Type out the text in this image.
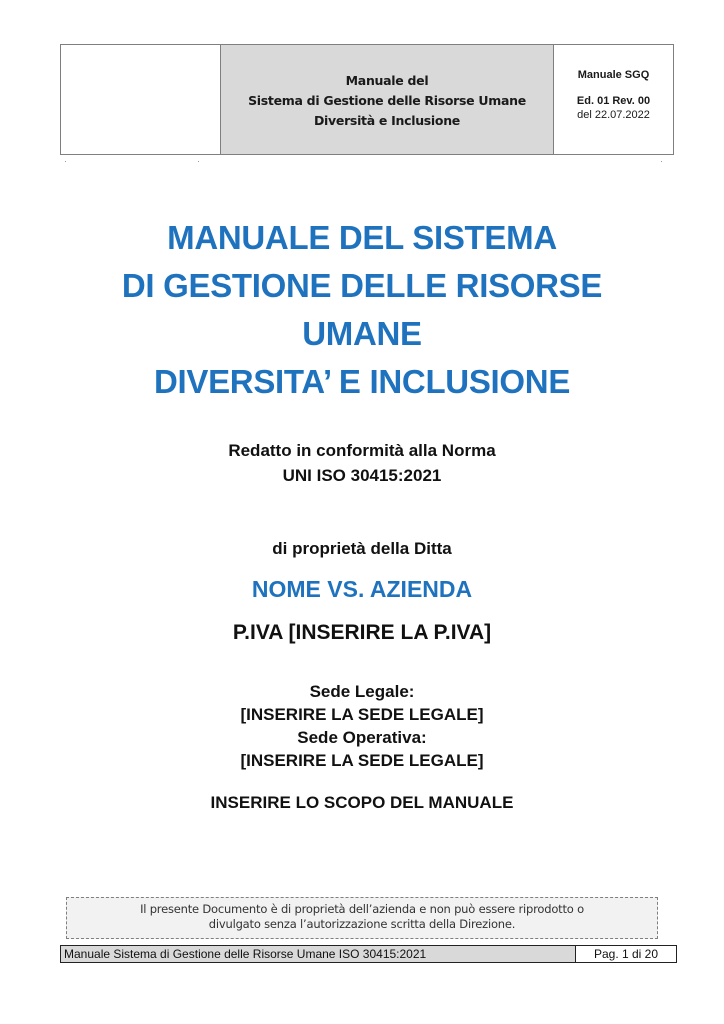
Manuale del
Sistema di Gestione delle Risorse Umane
Diversità e Inclusione
Manuale SGQ
Ed. 01 Rev. 00
del 22.07.2022
MANUALE DEL SISTEMA
DI GESTIONE DELLE RISORSE
UMANE
DIVERSITA’ E INCLUSIONE
Redatto in conformità alla Norma
UNI ISO 30415:2021
di proprietà della Ditta
NOME VS. AZIENDA
P.IVA [INSERIRE LA P.IVA]
Sede Legale:
[INSERIRE LA SEDE LEGALE]
Sede Operativa:
[INSERIRE LA SEDE LEGALE]
INSERIRE LO SCOPO DEL MANUALE
Il presente Documento è di proprietà dell’azienda e non può essere riprodotto o
divulgato senza l’autorizzazione scritta della Direzione.
Manuale Sistema di Gestione delle Risorse Umane ISO 30415:2021	Pag. 1 di 20
